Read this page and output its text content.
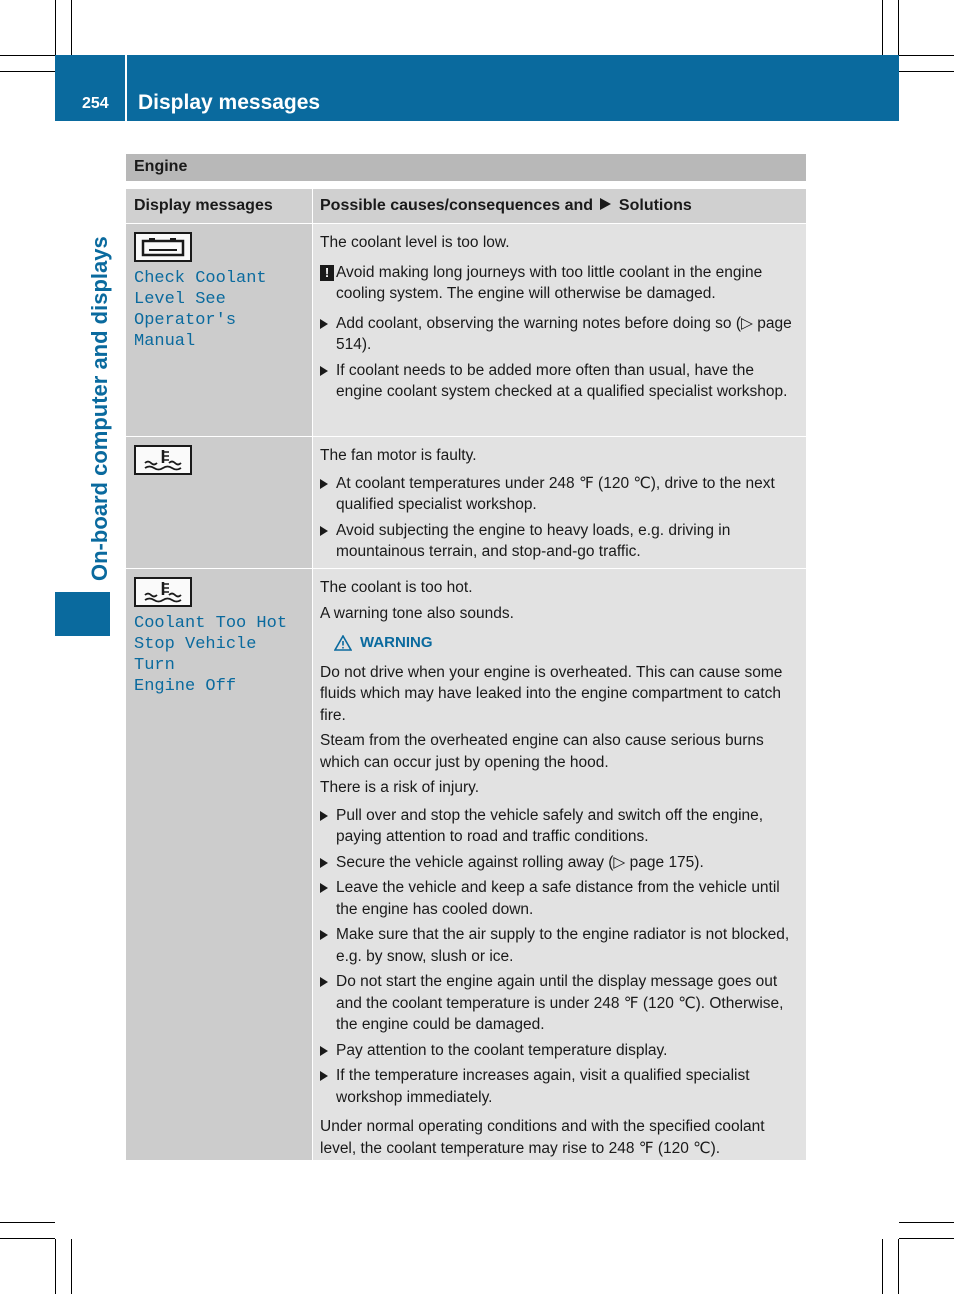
254 Display messages
On-board computer and displays
Engine
Display messages	Possible causes/consequences and Solutions
Check Coolant
Level See
Operator's Manual

The coolant level is too low.

! Avoid making long journeys with too little coolant in the engine cooling system. The engine will otherwise be damaged.
Add coolant, observing the warning notes before doing so (▷ page 514).
If coolant needs to be added more often than usual, have the engine coolant system checked at a qualified specialist workshop.

The fan motor is faulty.

At coolant temperatures under 248 ℉ (120 ℃), drive to the next qualified specialist workshop.
Avoid subjecting the engine to heavy loads, e.g. driving in mountainous terrain, and stop-and-go traffic.
Coolant Too Hot
Stop Vehicle Turn
Engine Off

The coolant is too hot.

A warning tone also sounds.

WARNING

Do not drive when your engine is overheated. This can cause some fluids which may have leaked into the engine compartment to catch fire.

Steam from the overheated engine can also cause serious burns which can occur just by opening the hood.

There is a risk of injury.

Pull over and stop the vehicle safely and switch off the engine, paying attention to road and traffic conditions.
Secure the vehicle against rolling away (▷ page 175).
Leave the vehicle and keep a safe distance from the vehicle until the engine has cooled down.
Make sure that the air supply to the engine radiator is not blocked, e.g. by snow, slush or ice.
Do not start the engine again until the display message goes out and the coolant temperature is under 248 ℉ (120 ℃). Otherwise, the engine could be damaged.
Pay attention to the coolant temperature display.
If the temperature increases again, visit a qualified specialist workshop immediately.

Under normal operating conditions and with the specified coolant level, the coolant temperature may rise to 248 ℉ (120 ℃).
